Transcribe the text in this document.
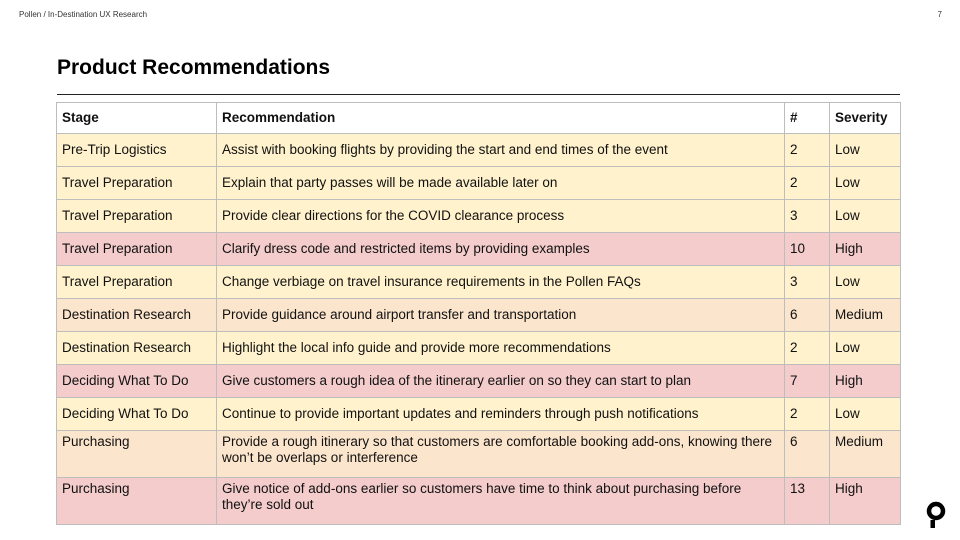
Pollen / In-Destination UX Research	7
Product Recommendations
Stage	Recommendation	#	Severity
Pre-Trip Logistics	Assist with booking flights by providing the start and end times of the event	2	Low
Travel Preparation	Explain that party passes will be made available later on	2	Low
Travel Preparation	Provide clear directions for the COVID clearance process	3	Low
Travel Preparation	Clarify dress code and restricted items by providing examples	10	High
Travel Preparation	Change verbiage on travel insurance requirements in the Pollen FAQs	3	Low
Destination Research	Provide guidance around airport transfer and transportation	6	Medium
Destination Research	Highlight the local info guide and provide more recommendations	2	Low
Deciding What To Do	Give customers a rough idea of the itinerary earlier on so they can start to plan	7	High
Deciding What To Do	Continue to provide important updates and reminders through push notifications	2	Low
Purchasing	Provide a rough itinerary so that customers are comfortable booking add-ons, knowing there won’t be overlaps or interference	6	Medium
Purchasing	Give notice of add-ons earlier so customers have time to think about purchasing before they’re sold out	13	High
